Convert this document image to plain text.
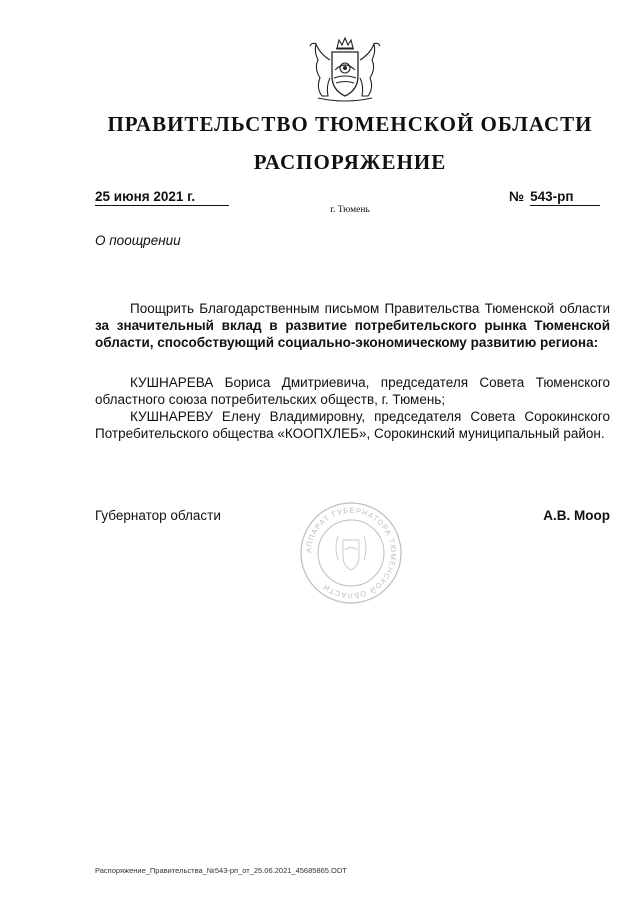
ПРАВИТЕЛЬСТВО ТЮМЕНСКОЙ ОБЛАСТИ
РАСПОРЯЖЕНИЕ
25 июня 2021 г.	№ 543-рп
г. Тюмень
О поощрении
Поощрить Благодарственным письмом Правительства Тюменской области за значительный вклад в развитие потребительского рынка Тюменской области, способствующий социально-экономическому развитию региона:
КУШНАРЕВА Бориса Дмитриевича, председателя Совета Тюменского областного союза потребительских обществ, г. Тюмень;
КУШНАРЕВУ Елену Владимировну, председателя Совета Сорокинского Потребительского общества «КООПХЛЕБ», Сорокинский муниципальный район.
Губернатор области
АППАРАТ ГУБЕРНАТОРА ТЮМЕНСКОЙ ОБЛАСТИ
А.В. Моор
Распоряжение_Правительства_№543-рп_от_25.06.2021_45685865.ODT
